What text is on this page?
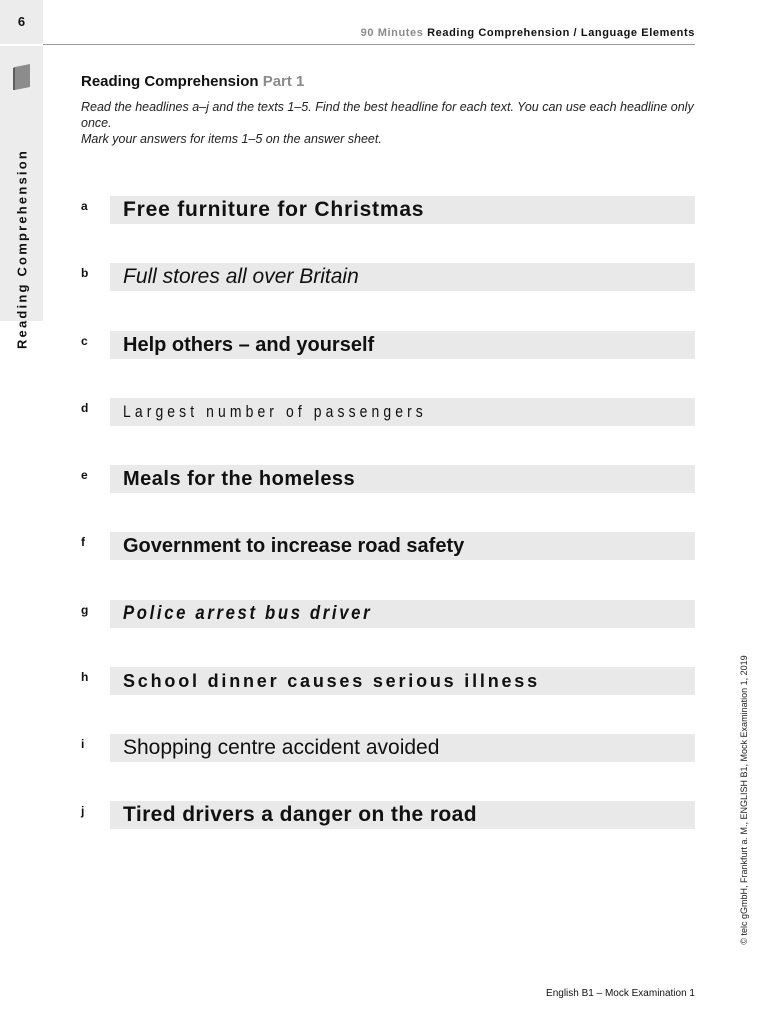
6
90 Minutes Reading Comprehension / Language Elements
Reading Comprehension
Reading Comprehension Part 1

Read the headlines a–j and the texts 1–5. Find the best headline for each text. You can use each headline only once.

Mark your answers for items 1–5 on the answer sheet.

a Free furniture for Christmas
b Full stores all over Britain
c Help others – and yourself
d Largest number of passengers
e Meals for the homeless
f Government to increase road safety
g Police arrest bus driver
h School dinner causes serious illness
i Shopping centre accident avoided
j Tired drivers a danger on the road	© telc gGmbH, Frankfurt a. M., ENGLISH B1, Mock Examination 1, 2019
English B1 – Mock Examination 1
